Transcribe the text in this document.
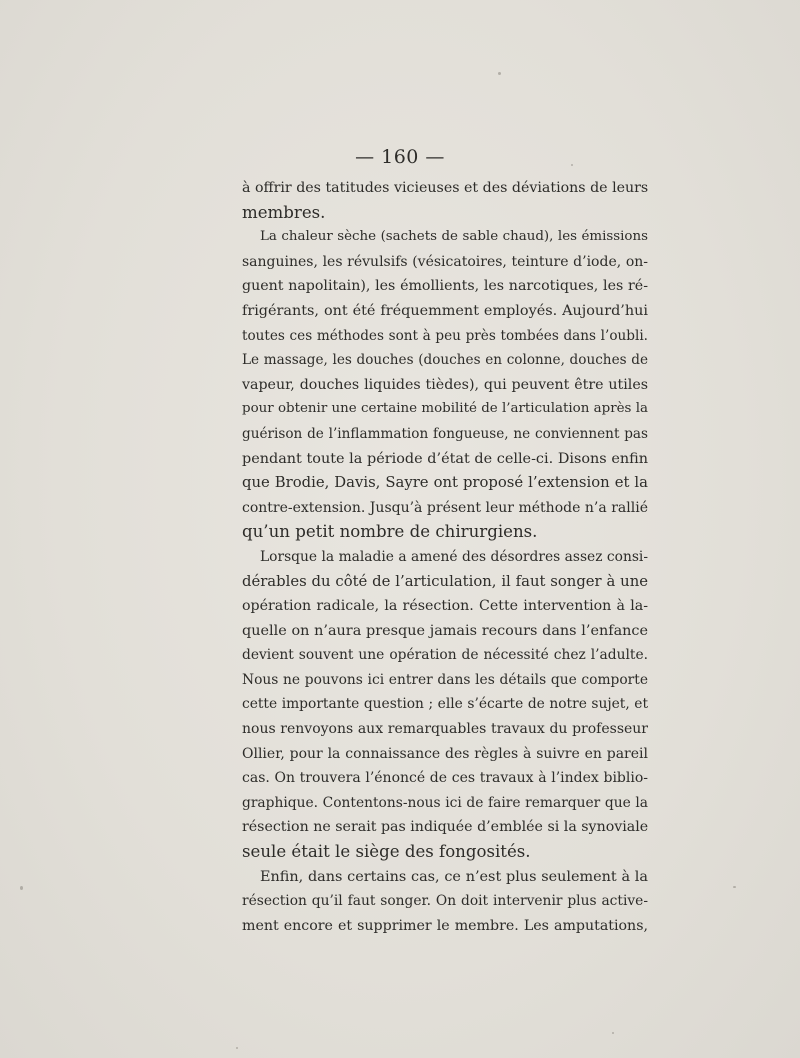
— 160 —
à offrir des tatitudes vicieuses et des déviations de leurs
membres.
La chaleur sèche (sachets de sable chaud), les émissions
sanguines, les révulsifs (vésicatoires, teinture d’iode, on-
guent napolitain), les émollients, les narcotiques, les ré-
frigérants, ont été fréquemment employés. Aujourd’hui
toutes ces méthodes sont à peu près tombées dans l’oubli.
Le massage, les douches (douches en colonne, douches de
vapeur, douches liquides tièdes), qui peuvent être utiles
pour obtenir une certaine mobilité de l’articulation après la
guérison de l’inflammation fongueuse, ne conviennent pas
pendant toute la période d’état de celle-ci. Disons enfin
que Brodie, Davis, Sayre ont proposé l’extension et la
contre-extension. Jusqu’à présent leur méthode n’a rallié
qu’un petit nombre de chirurgiens.
Lorsque la maladie a amené des désordres assez consi-
dérables du côté de l’articulation, il faut songer à une
opération radicale, la résection. Cette intervention à la-
quelle on n’aura presque jamais recours dans l’enfance
devient souvent une opération de nécessité chez l’adulte.
Nous ne pouvons ici entrer dans les détails que comporte
cette importante question ; elle s’écarte de notre sujet, et
nous renvoyons aux remarquables travaux du professeur
Ollier, pour la connaissance des règles à suivre en pareil
cas. On trouvera l’énoncé de ces travaux à l’index biblio-
graphique. Contentons-nous ici de faire remarquer que la
résection ne serait pas indiquée d’emblée si la synoviale
seule était le siège des fongosités.
Enfin, dans certains cas, ce n’est plus seulement à la
résection qu’il faut songer. On doit intervenir plus active-
ment encore et supprimer le membre. Les amputations,
